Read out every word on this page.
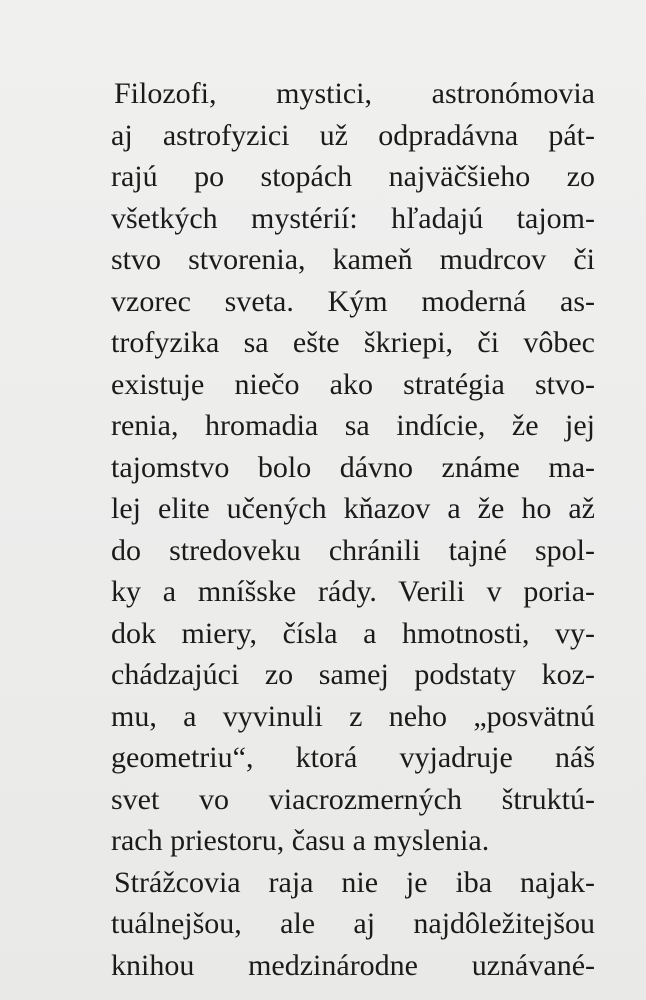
Filozofi, mystici, astronómovia
aj astrofyzici už odpradávna pát-
rajú po stopách najväčšieho zo
všetkých mystérií: hľadajú tajom-
stvo stvorenia, kameň mudrcov či
vzorec sveta. Kým moderná as-
trofyzika sa ešte škriepi, či vôbec
existuje niečo ako stratégia stvo-
renia, hromadia sa indície, že jej
tajomstvo bolo dávno známe ma-
lej elite učených kňazov a že ho až
do stredoveku chránili tajné spol-
ky a mníšske rády. Verili v poria-
dok miery, čísla a hmotnosti, vy-
chádzajúci zo samej podstaty koz-
mu, a vyvinuli z neho „posvätnú
geometriu“, ktorá vyjadruje náš
svet vo viacrozmerných štruktú-
rach priestoru, času a myslenia.
Strážcovia raja nie je iba najak-
tuálnejšou, ale aj najdôležitejšou
knihou medzinárodne uznávané-
